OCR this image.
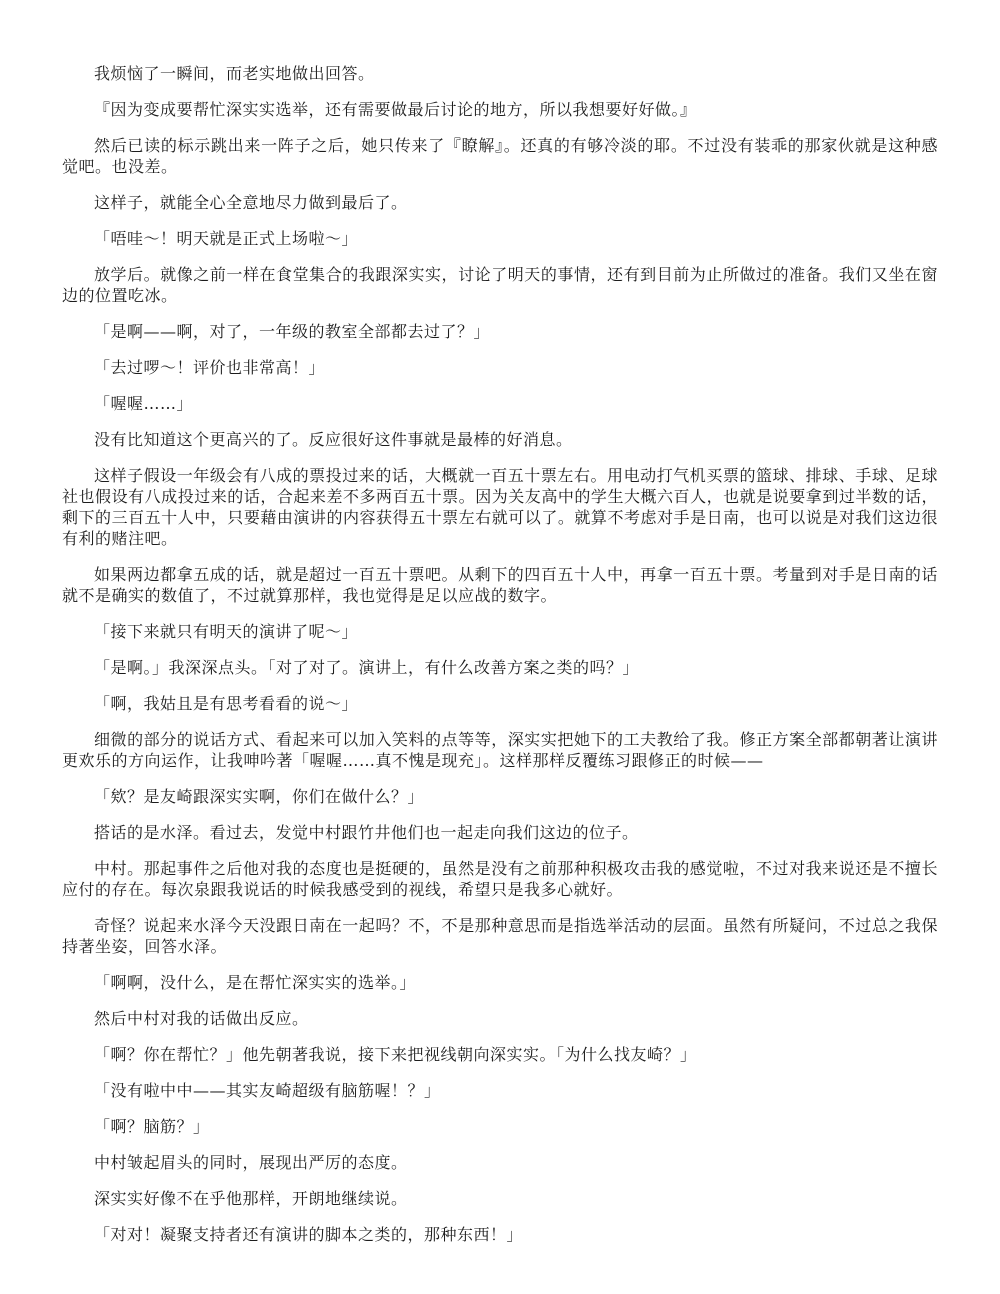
我烦恼了一瞬间，而老实地做出回答。

『因为变成要帮忙深实实选举，还有需要做最后讨论的地方，所以我想要好好做。』

然后已读的标示跳出来一阵子之后，她只传来了『瞭解』。还真的有够冷淡的耶。不过没有装乖的那家伙就是这种感觉吧。也没差。

这样子，就能全心全意地尽力做到最后了。

「唔哇～！明天就是正式上场啦～」

放学后。就像之前一样在食堂集合的我跟深实实，讨论了明天的事情，还有到目前为止所做过的准备。我们又坐在窗边的位置吃冰。

「是啊——啊，对了，一年级的教室全部都去过了？」

「去过啰～！评价也非常高！」

「喔喔……」

没有比知道这个更高兴的了。反应很好这件事就是最棒的好消息。

这样子假设一年级会有八成的票投过来的话，大概就一百五十票左右。用电动打气机买票的篮球、排球、手球、足球社也假设有八成投过来的话，合起来差不多两百五十票。因为关友高中的学生大概六百人，也就是说要拿到过半数的话，剩下的三百五十人中，只要藉由演讲的内容获得五十票左右就可以了。就算不考虑对手是日南，也可以说是对我们这边很有利的赌注吧。

如果两边都拿五成的话，就是超过一百五十票吧。从剩下的四百五十人中，再拿一百五十票。考量到对手是日南的话就不是确实的数值了，不过就算那样，我也觉得是足以应战的数字。

「接下来就只有明天的演讲了呢～」

「是啊。」我深深点头。「对了对了。演讲上，有什么改善方案之类的吗？」

「啊，我姑且是有思考看看的说～」

细微的部分的说话方式、看起来可以加入笑料的点等等，深实实把她下的工夫教给了我。修正方案全部都朝著让演讲更欢乐的方向运作，让我呻吟著「喔喔……真不愧是现充」。这样那样反覆练习跟修正的时候——

「欸？是友崎跟深实实啊，你们在做什么？」

搭话的是水泽。看过去，发觉中村跟竹井他们也一起走向我们这边的位子。

中村。那起事件之后他对我的态度也是挺硬的，虽然是没有之前那种积极攻击我的感觉啦，不过对我来说还是不擅长应付的存在。每次泉跟我说话的时候我感受到的视线，希望只是我多心就好。

奇怪？说起来水泽今天没跟日南在一起吗？不，不是那种意思而是指选举活动的层面。虽然有所疑问，不过总之我保持著坐姿，回答水泽。

「啊啊，没什么，是在帮忙深实实的选举。」

然后中村对我的话做出反应。

「啊？你在帮忙？」他先朝著我说，接下来把视线朝向深实实。「为什么找友崎？」

「没有啦中中——其实友崎超级有脑筋喔！？」

「啊？脑筋？」

中村皱起眉头的同时，展现出严厉的态度。

深实实好像不在乎他那样，开朗地继续说。

「对对！凝聚支持者还有演讲的脚本之类的，那种东西！」
